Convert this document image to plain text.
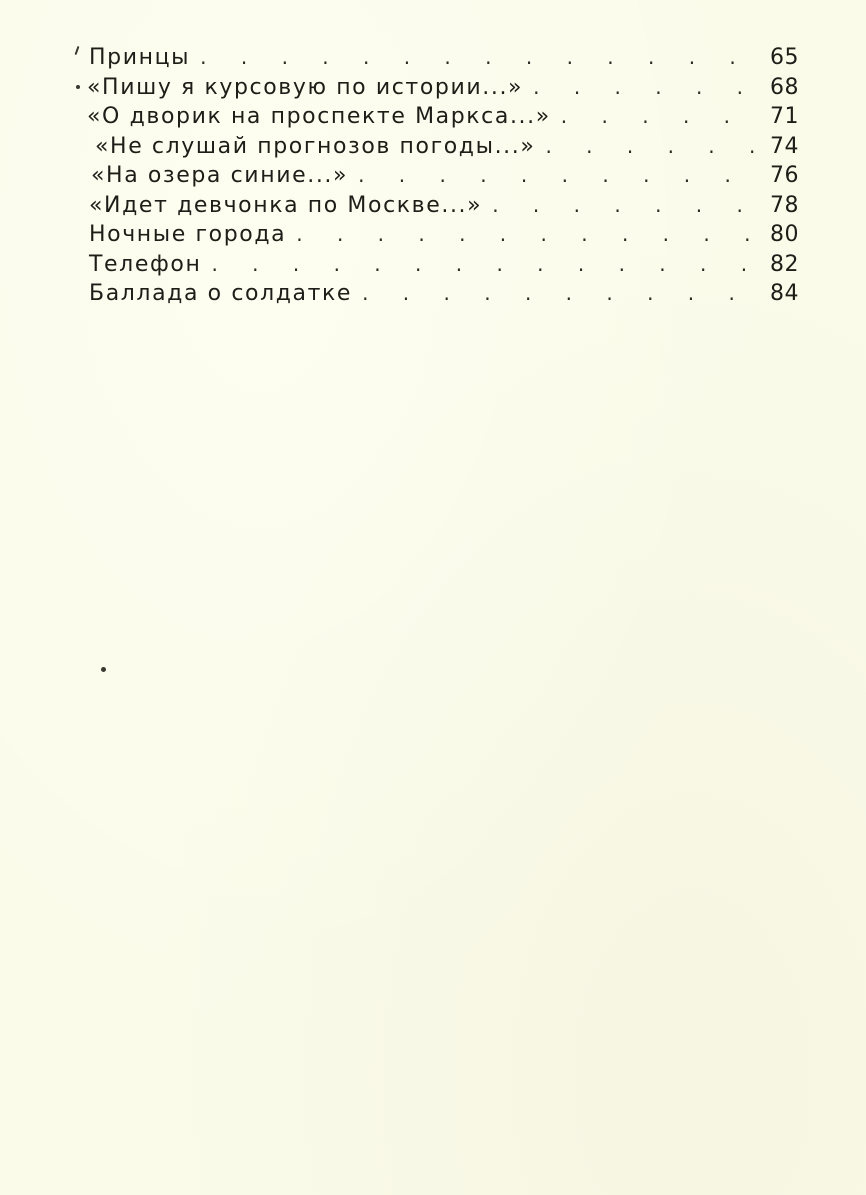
Принцы . . .	65
«Пишу я курсовую по истории...» . . .	68
«О дворик на проспекте Маркса...» . . .	71
«Не слушай прогнозов погоды...» . . .	74
«На озера синие...» . . .	76
«Идет девчонка по Москве...» . . .	78
Ночные города . . .	80
Телефон . . .	82
Баллада о солдатке . . .	84
